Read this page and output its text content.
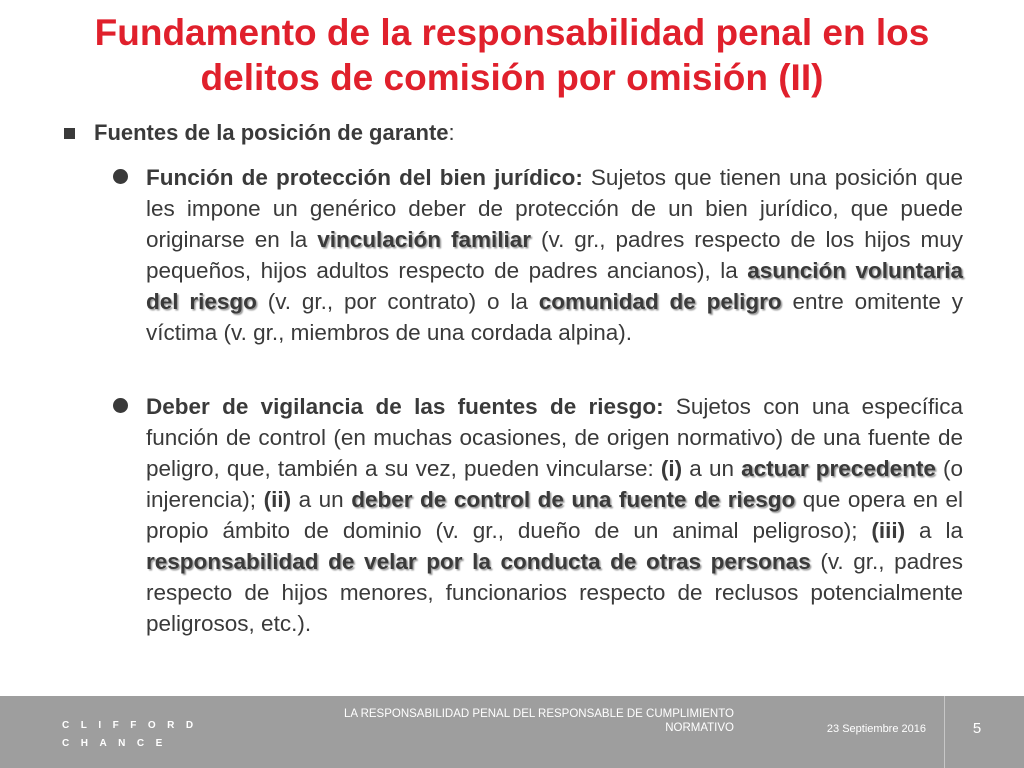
Fundamento de la responsabilidad penal en los delitos de comisión por omisión (II)
Fuentes de la posición de garante:
Función de protección del bien jurídico: Sujetos que tienen una posición que les impone un genérico deber de protección de un bien jurídico, que puede originarse en la vinculación familiar (v. gr., padres respecto de los hijos muy pequeños, hijos adultos respecto de padres ancianos), la asunción voluntaria del riesgo (v. gr., por contrato) o la comunidad de peligro entre omitente y víctima (v. gr., miembros de una cordada alpina).
Deber de vigilancia de las fuentes de riesgo: Sujetos con una específica función de control (en muchas ocasiones, de origen normativo) de una fuente de peligro, que, también a su vez, pueden vincularse: (i) a un actuar precedente (o injerencia); (ii) a un deber de control de una fuente de riesgo que opera en el propio ámbito de dominio (v. gr., dueño de un animal peligroso); (iii) a la responsabilidad de velar por la conducta de otras personas (v. gr., padres respecto de hijos menores, funcionarios respecto de reclusos potencialmente peligrosos, etc.).
CLIFFORD
CHANCE
LA RESPONSABILIDAD PENAL DEL RESPONSABLE DE CUMPLIMIENTO
NORMATIVO	23 Septiembre 2016	5
